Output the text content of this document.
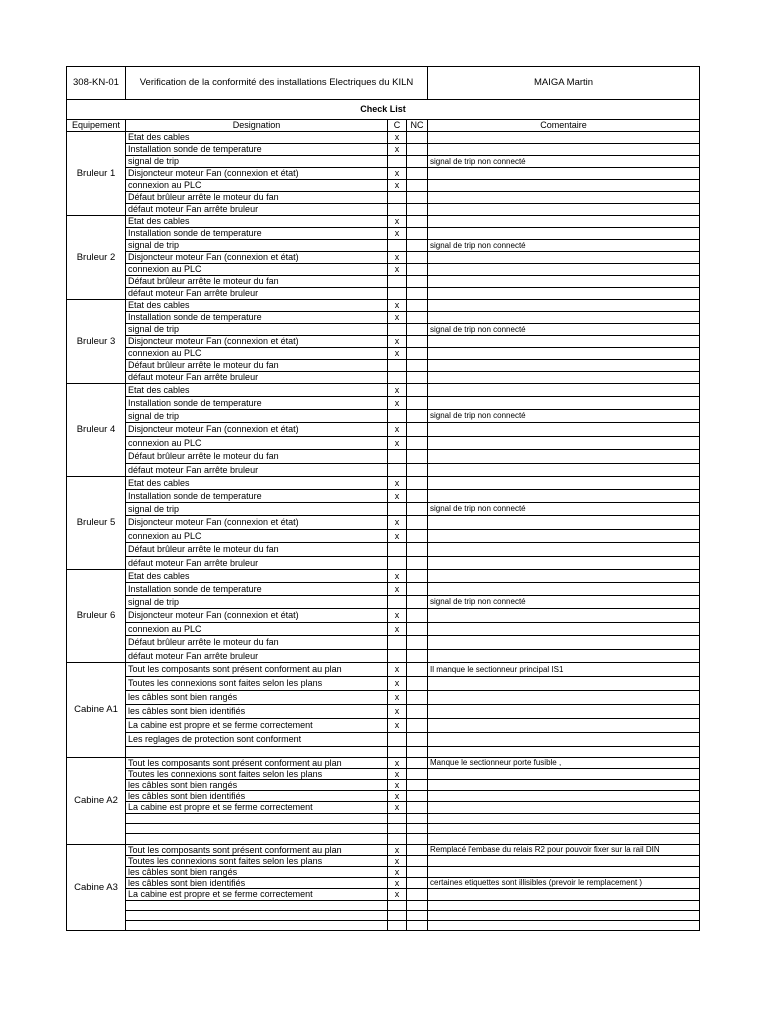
308-KN-01	Verification de la conformité des installations Electriques du KILN			MAIGA Martin
Check List				
Equipement	Designation	C	NC	Comentaire
Bruleur 1	Etat des cables	x		
	Installation sonde de temperature	x		
	signal de trip			signal de trip non connecté
	Disjoncteur moteur Fan (connexion et état)	x		
	connexion au PLC	x		
	Défaut brûleur arrête le moteur du fan			
	défaut moteur Fan arrête bruleur			
Bruleur 2	Etat des cables	x		
	Installation sonde de temperature	x		
	signal de trip			signal de trip non connecté
	Disjoncteur moteur Fan (connexion et état)	x		
	connexion au PLC	x		
	Défaut brûleur arrête le moteur du fan			
	défaut moteur Fan arrête bruleur			
Bruleur 3	Etat des cables	x		
	Installation sonde de temperature	x		
	signal de trip			signal de trip non connecté
	Disjoncteur moteur Fan (connexion et état)	x		
	connexion au PLC	x		
	Défaut brûleur arrête le moteur du fan			
	défaut moteur Fan arrête bruleur			
Bruleur 4	Etat des cables	x		
	Installation sonde de temperature	x		
	signal de trip			signal de trip non connecté
	Disjoncteur moteur Fan (connexion et état)	x		
	connexion au PLC	x		
	Défaut brûleur arrête le moteur du fan			
	défaut moteur Fan arrête bruleur			
Bruleur 5	Etat des cables	x		
	Installation sonde de temperature	x		
	signal de trip			signal de trip non connecté
	Disjoncteur moteur Fan (connexion et état)	x		
	connexion au PLC	x		
	Défaut brûleur arrête le moteur du fan			
	défaut moteur Fan arrête bruleur			
Bruleur 6	Etat des cables	x		
	Installation sonde de temperature	x		
	signal de trip			signal de trip non connecté
	Disjoncteur moteur Fan (connexion et état)	x		
	connexion au PLC	x		
	Défaut brûleur arrête le moteur du fan			
	défaut moteur Fan arrête bruleur			
Cabine A1	Tout les composants sont présent conforment au plan	x		Il manque le sectionneur principal IS1
	Toutes les connexions sont faites selon les plans	x		
	les câbles sont bien rangés	x		
	les câbles sont bien identifiés	x		
	La cabine est propre et se ferme correctement	x		
	Les reglages de protection sont conforment			

Cabine A2	Tout les composants sont présent conforment au plan	x		Manque le sectionneur porte fusible ,
	Toutes les connexions sont faites selon les plans	x		
	les câbles sont bien rangés	x		
	les câbles sont bien identifiés	x		
	La cabine est propre et se ferme correctement	x		

Cabine A3	Tout les composants sont présent conforment au plan	x		Remplacé l'embase du relais R2 pour pouvoir fixer sur la rail DIN
	Toutes les connexions sont faites selon les plans	x		
	les câbles sont bien rangés	x		
	les câbles sont bien identifiés	x		certaines etiquettes sont illisibles (prevoir le remplacement )
	La cabine est propre et se ferme correctement	x		
